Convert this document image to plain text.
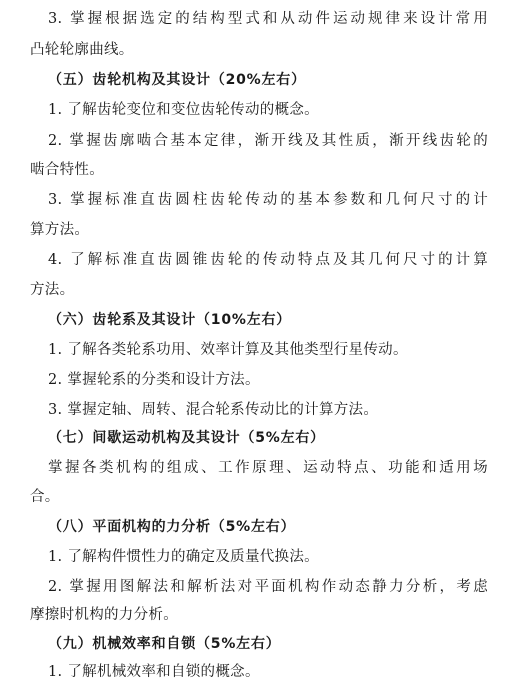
3. 掌握根据选定的结构型式和从动件运动规律来设计常用
凸轮轮廓曲线。
（五）齿轮机构及其设计（20%左右）
1. 了解齿轮变位和变位齿轮传动的概念。
2. 掌握齿廓啮合基本定律，渐开线及其性质，渐开线齿轮的
啮合特性。
3. 掌握标准直齿圆柱齿轮传动的基本参数和几何尺寸的计
算方法。
4. 了解标准直齿圆锥齿轮的传动特点及其几何尺寸的计算
方法。
（六）齿轮系及其设计（10%左右）
1. 了解各类轮系功用、效率计算及其他类型行星传动。
2. 掌握轮系的分类和设计方法。
3. 掌握定轴、周转、混合轮系传动比的计算方法。
（七）间歇运动机构及其设计（5%左右）
掌握各类机构的组成、工作原理、运动特点、功能和适用场
合。
（八）平面机构的力分析（5%左右）
1. 了解构件惯性力的确定及质量代换法。
2. 掌握用图解法和解析法对平面机构作动态静力分析，考虑
摩擦时机构的力分析。
（九）机械效率和自锁（5%左右）
1. 了解机械效率和自锁的概念。
